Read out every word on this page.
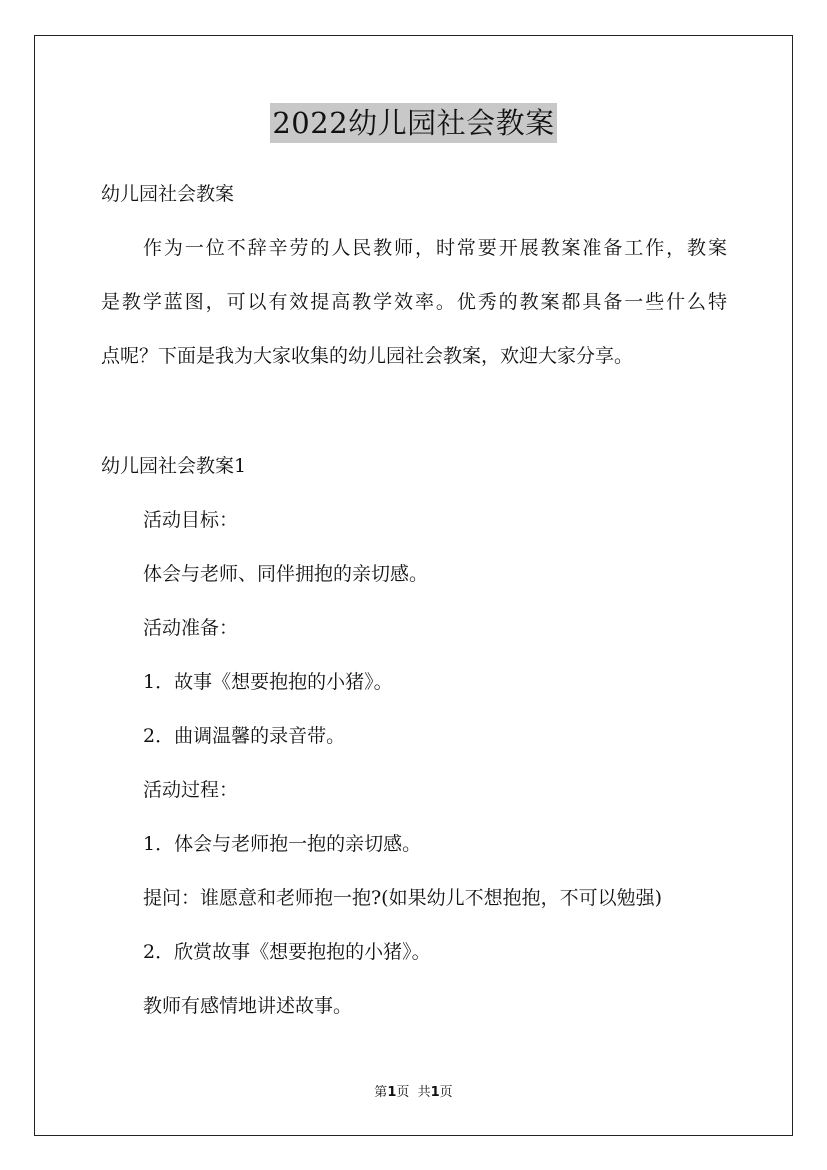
2022幼儿园社会教案
幼儿园社会教案
作为一位不辞辛劳的人民教师，时常要开展教案准备工作，教案
是教学蓝图，可以有效提高教学效率。优秀的教案都具备一些什么特
点呢？下面是我为大家收集的幼儿园社会教案，欢迎大家分享。
幼儿园社会教案1
活动目标：
体会与老师、同伴拥抱的亲切感。
活动准备：
1．故事《想要抱抱的小猪》。
2．曲调温馨的录音带。
活动过程：
1．体会与老师抱一抱的亲切感。
提问：谁愿意和老师抱一抱?(如果幼儿不想抱抱，不可以勉强)
2．欣赏故事《想要抱抱的小猪》。
教师有感情地讲述故事。
第1页  共1页
